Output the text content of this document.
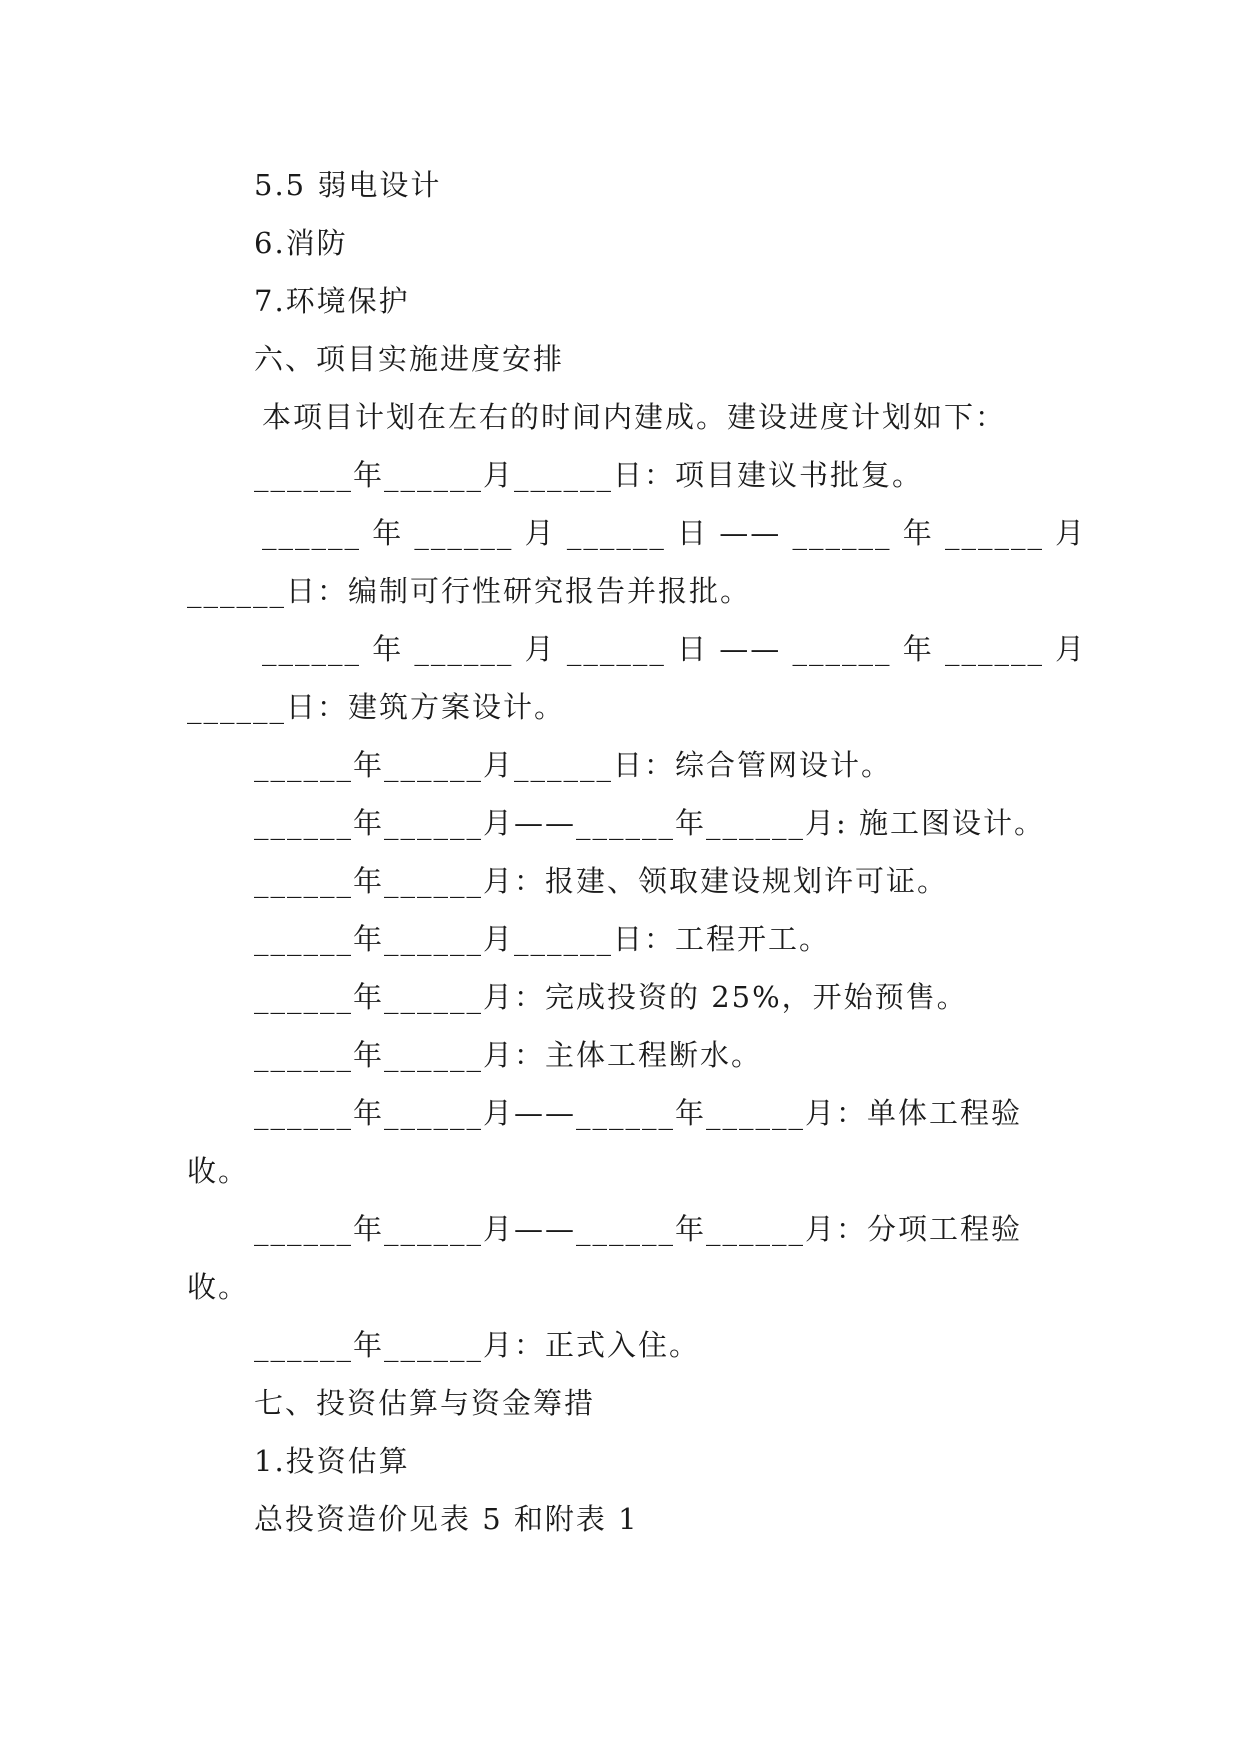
5.5 弱电设计
6.消防
7.环境保护
六、项目实施进度安排
本项目计划在左右的时间内建成。建设进度计划如下：
______年______月______日：项目建议书批复。
______ 年 ______ 月 ______ 日 —— ______ 年 ______ 月
______日：编制可行性研究报告并报批。
______ 年 ______ 月 ______ 日 —— ______ 年 ______ 月
______日：建筑方案设计。
______年______月______日：综合管网设计。
______年______月——______年______月: 施工图设计。
______年______月：报建、领取建设规划许可证。
______年______月______日：工程开工。
______年______月：完成投资的 25%，开始预售。
______年______月：主体工程断水。
______年______月——______年______月：单体工程验
收。
______年______月——______年______月：分项工程验
收。
______年______月：正式入住。
七、投资估算与资金筹措
1.投资估算
总投资造价见表 5 和附表 1
